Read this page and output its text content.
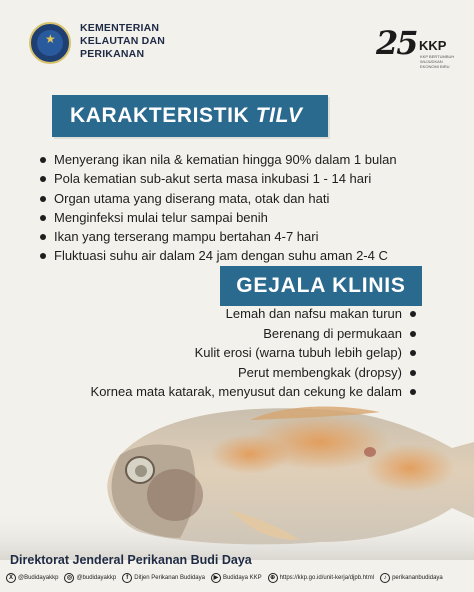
★
KEMENTERIAN
KELAUTAN DAN
PERIKANAN	25 KKP
KKP BERTUMBUH WUJUDKAN EKONOMI BIRU
KARAKTERISTIK TILV
Menyerang ikan nila & kematian hingga 90% dalam 1 bulan
Pola kematian sub-akut serta masa inkubasi 1 - 14 hari
Organ utama yang diserang mata, otak dan hati
Menginfeksi mulai telur sampai benih
Ikan yang terserang mampu bertahan 4-7 hari
Fluktuasi suhu air dalam 24 jam dengan suhu aman 2-4 C
GEJALA KLINIS
Lemah dan nafsu makan turun
Berenang di permukaan
Kulit erosi (warna tubuh lebih gelap)
Perut membengkak (dropsy)
Kornea mata katarak, menyusut dan cekung ke dalam
Direktorat Jenderal Perikanan Budi Daya
X @Budidayakkp	◎ @budidayakkp	f	Ditjen Perikanan Budidaya	▶ Budidaya KKP	⊕ https://kkp.go.id/unit-kerja/djpb.html	♪ perikananbudidaya
